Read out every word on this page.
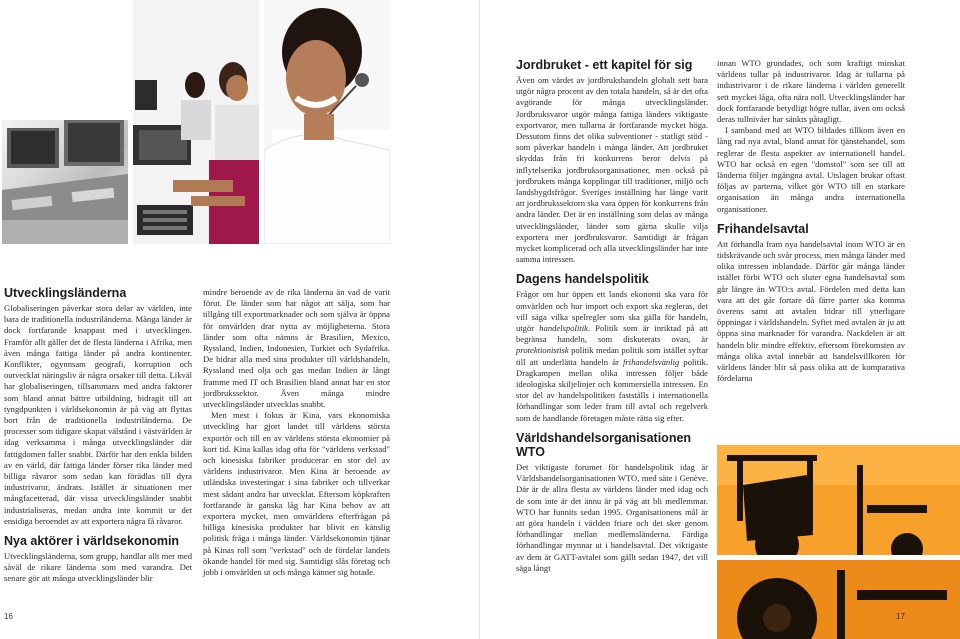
Utvecklingsländerna

Globaliseringen påverkar stora delar av världen, inte bara de traditionella industriländerna. Många länder är dock fortfarande knappast med i utvecklingen. Framför allt gäller det de flesta länderna i Afrika, men även många fattiga länder på andra kontinenter. Konflikter, ogynnsam geografi, korruption och outvecklat näringsliv är några orsaker till detta. Likväl har globaliseringen, tillsammans med andra faktorer som bland annat bättre utbildning, bidragit till att tyngdpunkten i världsekonomin är på väg att flyttas bort från de traditionella industriländerna. De processer som tidigare skapat välstånd i västvärlden är idag verksamma i många utvecklingsländer där fattigdomen faller snabbt. Därför har den enkla bilden av en värld, där fattiga länder förser rika länder med billiga råvaror som sedan kan förädlas till dyra industrivaror, ändrats. Istället är situationen mer mångfacetterad, där vissa utvecklingsländer snabbt industrialiseras, medan andra inte kommit ur det ensidiga beroendet av att exportera några få råvaror.

Nya aktörer i världsekonomin

Utvecklingsländerna, som grupp, handlar allt mer med såväl de rikare länderna som med varandra. Det senare gör att många utvecklingsländer blir

mindre beroende av de rika länderna än vad de varit förut. De länder som har något att sälja, som har tillgång till exportmarknader och som själva är öppna för omvärlden drar nytta av möjligheterna. Stora länder som ofta nämns är Brasilien, Mexico, Ryssland, Indien, Indonesien, Turkiet och Sydafrika. De bidrar alla med sina produkter till världshandeln, Ryssland med olja och gas medan Indien är långt framme med IT och Brasilien bland annat har en stor jordbrukssektor. Även många mindre utvecklingsländer utvecklas snabbt.

Men mest i fokus är Kina, vars ekonomiska utveckling har gjort landet till världens största exportör och till en av världens största ekonomier på kort tid. Kina kallas idag ofta för "världens verkstad" och kinesiska fabriker producerar en stor del av världens industrivaror. Men Kina är beroende av utländska investeringar i sina fabriker och tillverkar mest sådant andra har utvecklat. Eftersom köpkraften fortfarande är ganska låg har Kina behov av att exportera mycket, men omvärldens efterfrågan på billiga kinesiska produkter har blivit en känslig politisk fråga i många länder. Världsekonomin tjänar på Kinas roll som "verkstad" och de fördelar landets ökande handel för med sig. Samtidigt slås företag och jobb i omvärlden ut och många känner sig hotade.

16
Jordbruket - ett kapitel för sig

Även om värdet av jordbrukshandeln globalt sett bara utgör några procent av den totala handeln, så är det ofta avgörande för många utvecklingsländer. Jordbruksvaror utgör många fattiga länders viktigaste exportvaror, men tullarna är fortfarande mycket höga. Dessutom finns det olika subventioner - statligt stöd - som påverkar handeln i många länder. Att jordbruket skyddas från fri konkurrens beror delvis på inflytelserika jordbruksorganisationer, men också på jordbrukets många kopplingar till traditioner, miljö och landsbygdsfrågor. Sveriges inställning har länge varit att jordbrukssektorn ska vara öppen för konkurrens från andra länder. Det är en inställning som delas av många utvecklingsländer, länder som gärna skulle vilja exportera mer jordbruksvaror. Samtidigt är frågan mycket komplicerad och alla utvecklingsländer har inte samma intressen.

Dagens handelspolitik

Frågor om hur öppen ett lands ekonomi ska vara för omvärlden och hur import och export ska regleras, det vill säga vilka spelregler som ska gälla för handeln, utgör handelspolitik. Politik som är inriktad på att begränsa handeln, som diskuterats ovan, är protektionistisk politik medan politik som istället syftar till att underlätta handeln är frihandelsvänlig politik. Dragkampen mellan olika intressen följer både ideologiska skiljelinjer och kommersiella intressen. En stor del av handelspolitiken fastställs i internationella förhandlingar som leder fram till avtal och regelverk som de handlande företagen måste rätta sig efter.

Världshandelsorganisationen WTO

Det viktigaste forumet för handelspolitik idag är Världshandelsorganisationen WTO, med säte i Genève. Där är de allra flesta av världens länder med idag och de som inte är det ännu är på väg att bli medlemmar. WTO har funnits sedan 1995. Organisationens mål är att göra handeln i världen friare och det sker genom förhandlingar mellan medlemsländerna. Färdiga förhandlingar mynnar ut i handelsavtal. Det viktigaste av dem är GATT-avtalet som gällt sedan 1947, det vill säga långt

innan WTO grundades, och som kraftigt minskat världens tullar på industrivaror. Idag är tullarna på industrivaror i de rikare länderna i världen generellt sett mycket låga, ofta nära noll. Utvecklingsländer har dock fortfarande betydligt högre tullar, även om också deras tullnivåer har sänkts påtagligt.

I samband med att WTO bildades tillkom även en lång rad nya avtal, bland annat för tjänstehandel, som reglerar de flesta aspekter av internationell handel. WTO har också en egen "domstol" som ser till att länderna följer ingångna avtal. Utslagen brukar oftast följas av parterna, vilket gör WTO till en starkare organisation än många andra internationella organisationer.

Frihandelsavtal

Att förhandla fram nya handelsavtal inom WTO är en tidskrävande och svår process, men många länder med olika intressen inblandade. Därför går många länder istället förbi WTO och sluter egna handelsavtal som går längre än WTO:s avtal. Fördelen med detta kan vara att det går fortare då färre parter ska komma överens samt att avtalen bidrar till ytterligare öppningar i världshandeln. Syftet med avtalen är ju att öppna sina marknader för varandra. Nackdelen är att handeln blir mindre effektiv, eftersom förekomsten av många olika avtal innebär att handelsvillkoren för världens länder blir så pass olika att de komparativa fördelarna

17
